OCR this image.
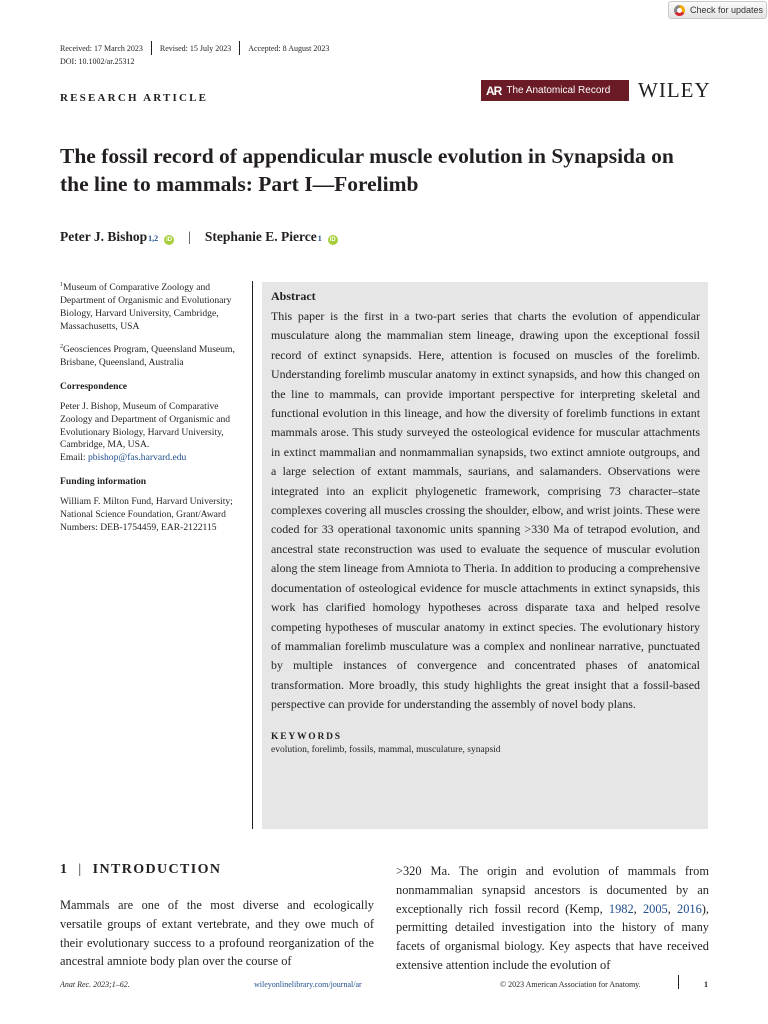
Check for updates
Received: 17 March 2023 Revised: 15 July 2023 Accepted: 8 August 2023
DOI: 10.1002/ar.25312
RESEARCH ARTICLE
AR The Anatomical Record WILEY
The fossil record of appendicular muscle evolution in Synapsida on the line to mammals: Part I—Forelimb
Peter J. Bishop 1,2	iD | Stephanie E. Pierce 1	iD

$^1$Museum of Comparative Zoology and Department of Organismic and Evolutionary Biology, Harvard University, Cambridge, Massachusetts, USA

$^2$Geosciences Program, Queensland Museum, Brisbane, Queensland, Australia

Correspondence

Peter J. Bishop, Museum of Comparative Zoology and Department of Organismic and Evolutionary Biology, Harvard University, Cambridge, MA, USA.
Email: pbishop@fas.harvard.edu

Funding information

William F. Milton Fund, Harvard University; National Science Foundation, Grant/Award Numbers: DEB-1754459, EAR-2122115

Abstract

This paper is the first in a two-part series that charts the evolution of appendicular musculature along the mammalian stem lineage, drawing upon the exceptional fossil record of extinct synapsids. Here, attention is focused on muscles of the forelimb. Understanding forelimb muscular anatomy in extinct synapsids, and how this changed on the line to mammals, can provide important perspective for interpreting skeletal and functional evolution in this lineage, and how the diversity of forelimb functions in extant mammals arose. This study surveyed the osteological evidence for muscular attachments in extinct mammalian and nonmammalian synapsids, two extinct amniote outgroups, and a large selection of extant mammals, saurians, and salamanders. Observations were integrated into an explicit phylogenetic framework, comprising 73 character–state complexes covering all muscles crossing the shoulder, elbow, and wrist joints. These were coded for 33 operational taxonomic units spanning >330 Ma of tetrapod evolution, and ancestral state reconstruction was used to evaluate the sequence of muscular evolution along the stem lineage from Amniota to Theria. In addition to producing a comprehensive documentation of osteological evidence for muscle attachments in extinct synapsids, this work has clarified homology hypotheses across disparate taxa and helped resolve competing hypotheses of muscular anatomy in extinct species. The evolutionary history of mammalian forelimb musculature was a complex and nonlinear narrative, punctuated by multiple instances of convergence and concentrated phases of anatomical transformation. More broadly, this study highlights the great insight that a fossil-based perspective can provide for understanding the assembly of novel body plans.

KEYWORDS

evolution, forelimb, fossils, mammal, musculature, synapsid

1 | INTRODUCTION

Mammals are one of the most diverse and ecologically versatile groups of extant vertebrate, and they owe much of their evolutionary success to a profound reorganization of the ancestral amniote body plan over the course of

>320 Ma. The origin and evolution of mammals from nonmammalian synapsid ancestors is documented by an exceptionally rich fossil record (Kemp, 1982, 2005, 2016), permitting detailed investigation into the history of many facets of organismal biology. Key aspects that have received extensive attention include the evolution of

Anat Rec. 2023;1–62.	wileyonlinelibrary.com/journal/ar	© 2023 American Association for Anatomy.	1
